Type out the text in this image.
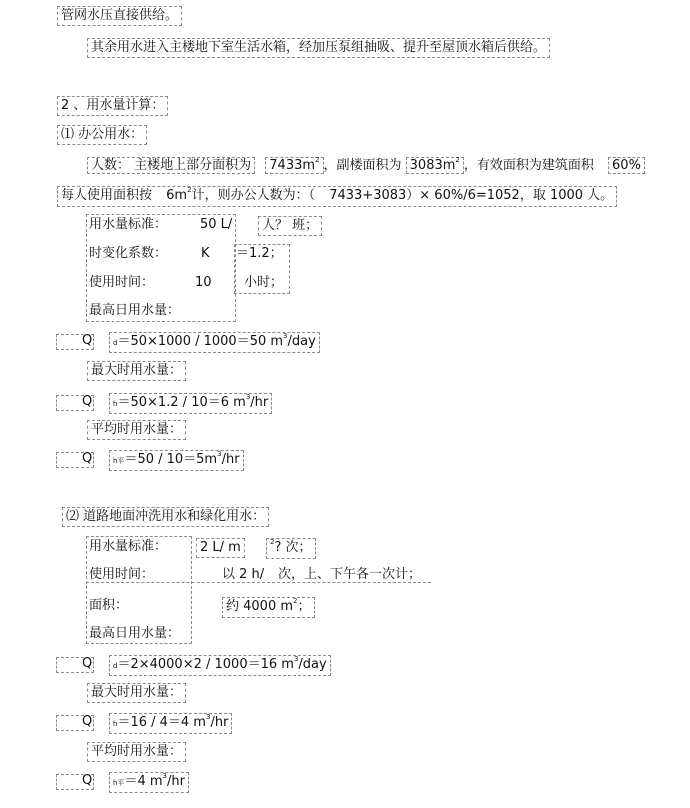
管网水压直接供给。
其余用水进入主楼地下室生活水箱，经加压泵组抽吸、提升至屋顶水箱后供给。
2 、用水量计算：
⑴ 办公用水：
人数： 主楼地上部分面积为 $7433m^2$ ，副楼面积为 $3083m^2$ ，有效面积为建筑面积 60%
每人使用面积按 $6m^2$计，则办公人数为：（ 7433+3083）× 60%/6=1052，取 1000 人。
用水量标准：	50 L/	人？ 班；
时变化系数：	K ＝1.2；
使用时间：	10 小时；
最高日用水量：
Q	d＝50×1000 / 1000＝50 $m^3$/day
最大时用水量：
Q	h＝50×1.2 / 10＝6 $m^3/hr$
平均时用水量：
Q	h平$=50 / 10=5m^3/hr$
⑵ 道路地面冲洗用水和绿化用水：
用水量标准：	2 L/ m	$^2$? 次；
使用时间：	以 2 h/ 次，上、下午各一次计；
面积：	约 4000 $m^2$；
最高日用水量：
Q	d＝2×4000×2 / 1000＝16 $m^3$/day
最大时用水量：
Q	h＝16 / 4＝4 $m^3/hr$
平均时用水量：
Q	h平＝4 $m^3/hr$
